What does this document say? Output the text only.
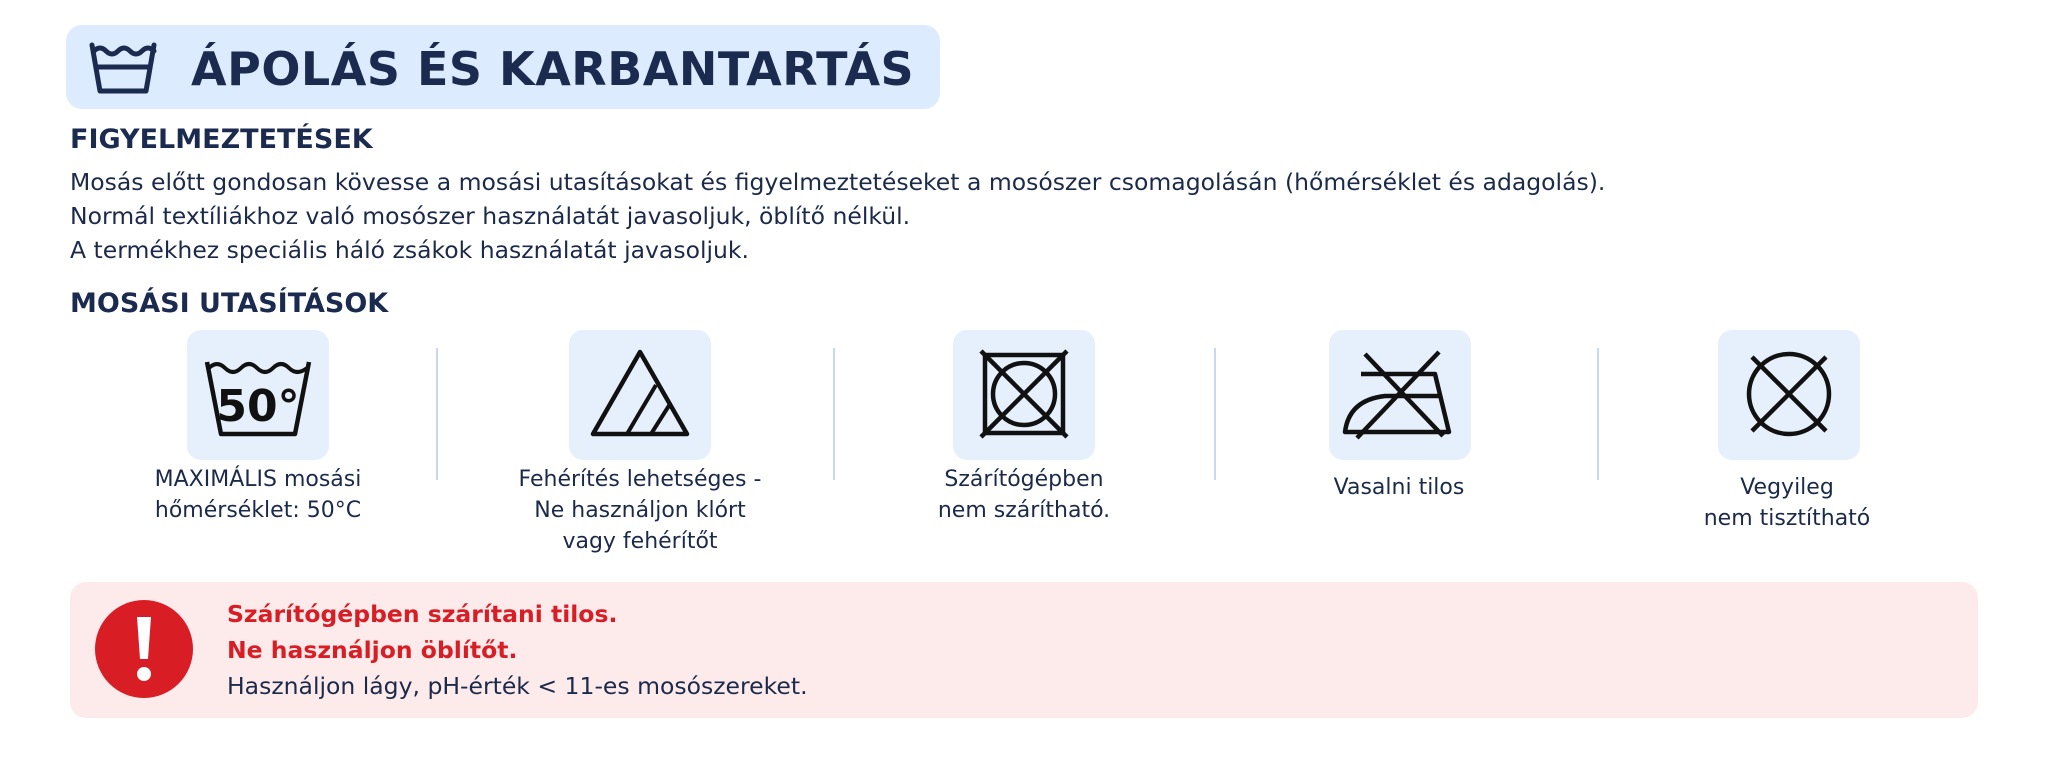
ÁPOLÁS ÉS KARBANTARTÁS
FIGYELMEZTETÉSEK
Mosás előtt gondosan kövesse a mosási utasításokat és figyelmeztetéseket a mosószer csomagolásán (hőmérséklet és adagolás).
Normál textíliákhoz való mosószer használatát javasoljuk, öblítő nélkül.
A termékhez speciális háló zsákok használatát javasoljuk.
MOSÁSI UTASÍTÁSOK
50°
MAXIMÁLIS mosási
hőmérséklet: 50°C
Fehérítés lehetséges -
Ne használjon klórt
vagy fehérítőt
Szárítógépben
nem szárítható.
Vasalni tilos	Vegyileg
nem tisztítható
Szárítógépben szárítani tilos.
Ne használjon öblítőt.
Használjon lágy, pH-érték < 11-es mosószereket.
